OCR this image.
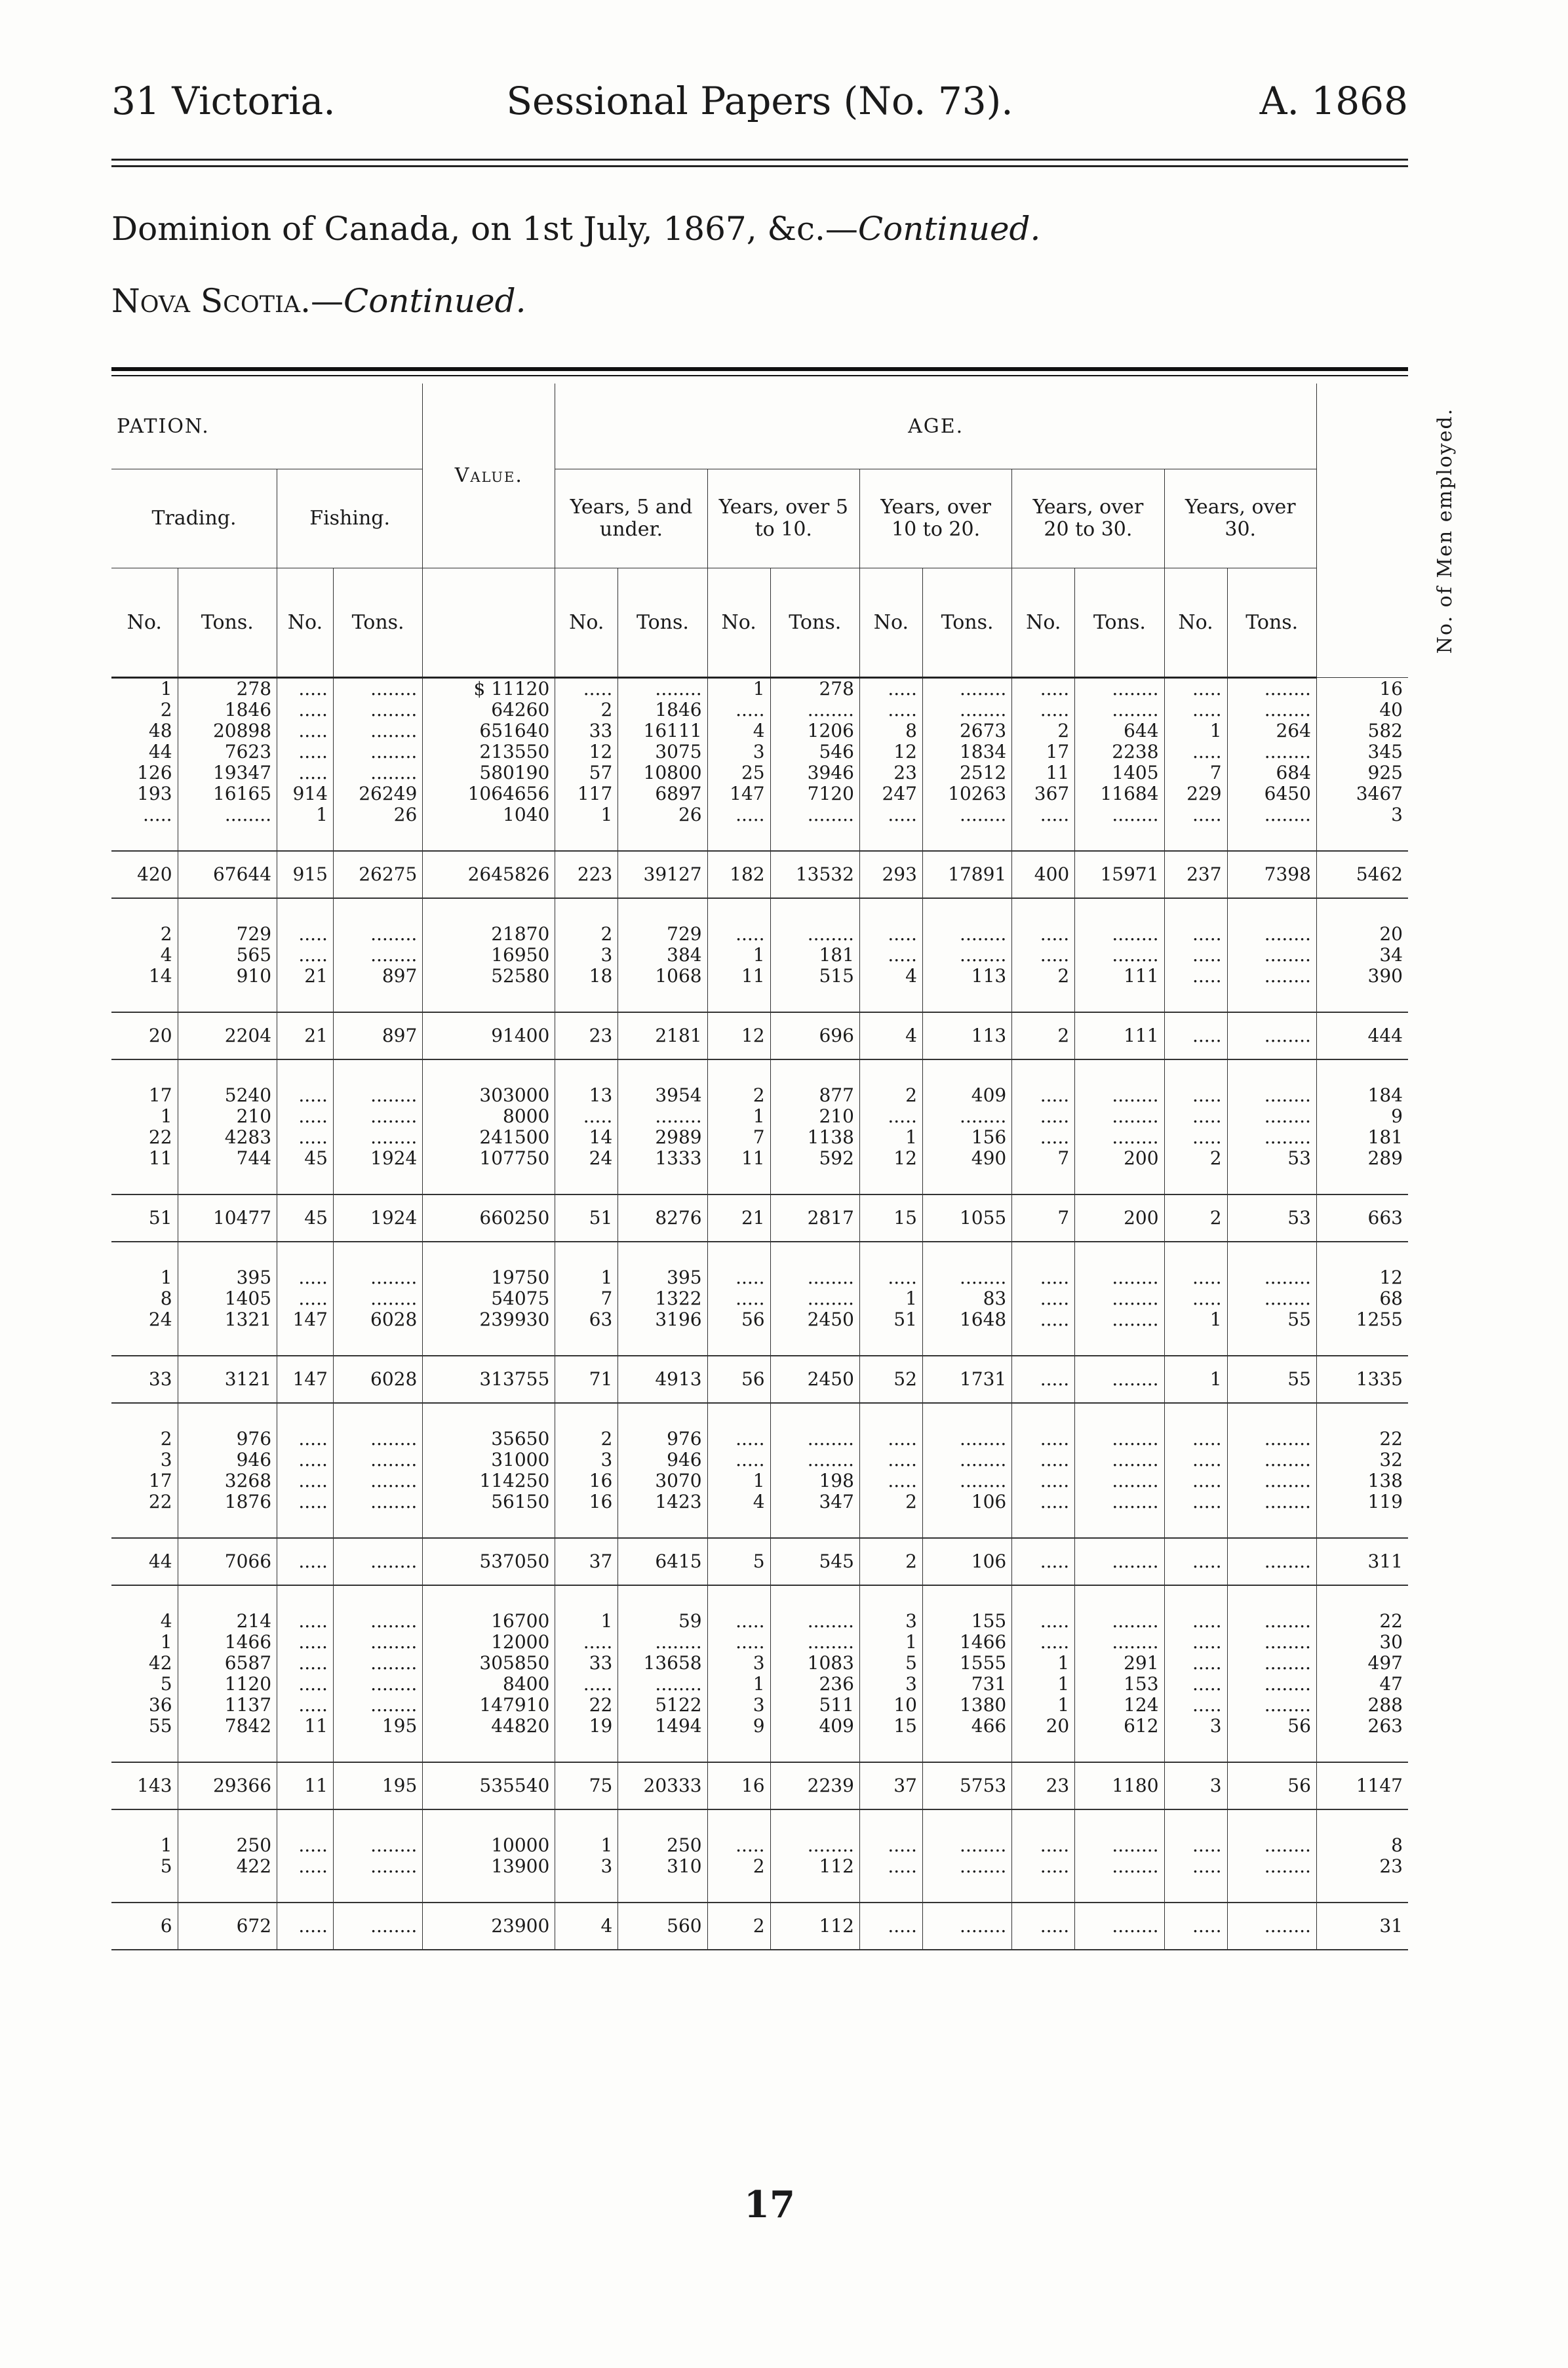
31 Victoria.	Sessional Papers (No. 73).	A. 1868
Dominion of Canada, on 1st July, 1867, &c.—Continued.
Nova Scotia.—Continued.
PATION.				Value.	AGE.										No. of Men employed.
Trading.		Fishing.			Years, 5 and under.		Years, over 5 to 10.		Years, over 10 to 20.		Years, over 20 to 30.		Years, over 30.		
No.	Tons.	No.	Tons.		No.	Tons.	No.	Tons.	No.	Tons.	No.	Tons.	No.	Tons.	
1	278	.....	........	$ 11120	.....	........	1	278	.....	........	.....	........	.....	........	16
2	1846	.....	........	64260	2	1846	.....	........	.....	........	.....	........	.....	........	40
48	20898	.....	........	651640	33	16111	4	1206	8	2673	2	644	1	264	582
44	7623	.....	........	213550	12	3075	3	546	12	1834	17	2238	.....	........	345
126	19347	.....	........	580190	57	10800	25	3946	23	2512	11	1405	7	684	925
193	16165	914	26249	1064656	117	6897	147	7120	247	10263	367	11684	229	6450	3467
.....	........	1	26	1040	1	26	.....	........	.....	........	.....	........	.....	........	3

420	67644	915	26275	2645826	223	39127	182	13532	293	17891	400	15971	237	7398	5462

2	729	.....	........	21870	2	729	.....	........	.....	........	.....	........	.....	........	20
4	565	.....	........	16950	3	384	1	181	.....	........	.....	........	.....	........	34
14	910	21	897	52580	18	1068	11	515	4	113	2	111	.....	........	390

20	2204	21	897	91400	23	2181	12	696	4	113	2	111	.....	........	444

17	5240	.....	........	303000	13	3954	2	877	2	409	.....	........	.....	........	184
1	210	.....	........	8000	.....	........	1	210	.....	........	.....	........	.....	........	9
22	4283	.....	........	241500	14	2989	7	1138	1	156	.....	........	.....	........	181
11	744	45	1924	107750	24	1333	11	592	12	490	7	200	2	53	289

51	10477	45	1924	660250	51	8276	21	2817	15	1055	7	200	2	53	663

1	395	.....	........	19750	1	395	.....	........	.....	........	.....	........	.....	........	12
8	1405	.....	........	54075	7	1322	.....	........	1	83	.....	........	.....	........	68
24	1321	147	6028	239930	63	3196	56	2450	51	1648	.....	........	1	55	1255

33	3121	147	6028	313755	71	4913	56	2450	52	1731	.....	........	1	55	1335

2	976	.....	........	35650	2	976	.....	........	.....	........	.....	........	.....	........	22
3	946	.....	........	31000	3	946	.....	........	.....	........	.....	........	.....	........	32
17	3268	.....	........	114250	16	3070	1	198	.....	........	.....	........	.....	........	138
22	1876	.....	........	56150	16	1423	4	347	2	106	.....	........	.....	........	119

44	7066	.....	........	537050	37	6415	5	545	2	106	.....	........	.....	........	311

4	214	.....	........	16700	1	59	.....	........	3	155	.....	........	.....	........	22
1	1466	.....	........	12000	.....	........	.....	........	1	1466	.....	........	.....	........	30
42	6587	.....	........	305850	33	13658	3	1083	5	1555	1	291	.....	........	497
5	1120	.....	........	8400	.....	........	1	236	3	731	1	153	.....	........	47
36	1137	.....	........	147910	22	5122	3	511	10	1380	1	124	.....	........	288
55	7842	11	195	44820	19	1494	9	409	15	466	20	612	3	56	263

143	29366	11	195	535540	75	20333	16	2239	37	5753	23	1180	3	56	1147

1	250	.....	........	10000	1	250	.....	........	.....	........	.....	........	.....	........	8
5	422	.....	........	13900	3	310	2	112	.....	........	.....	........	.....	........	23

6	672	.....	........	23900	4	560	2	112	.....	........	.....	........	.....	........	31
17
